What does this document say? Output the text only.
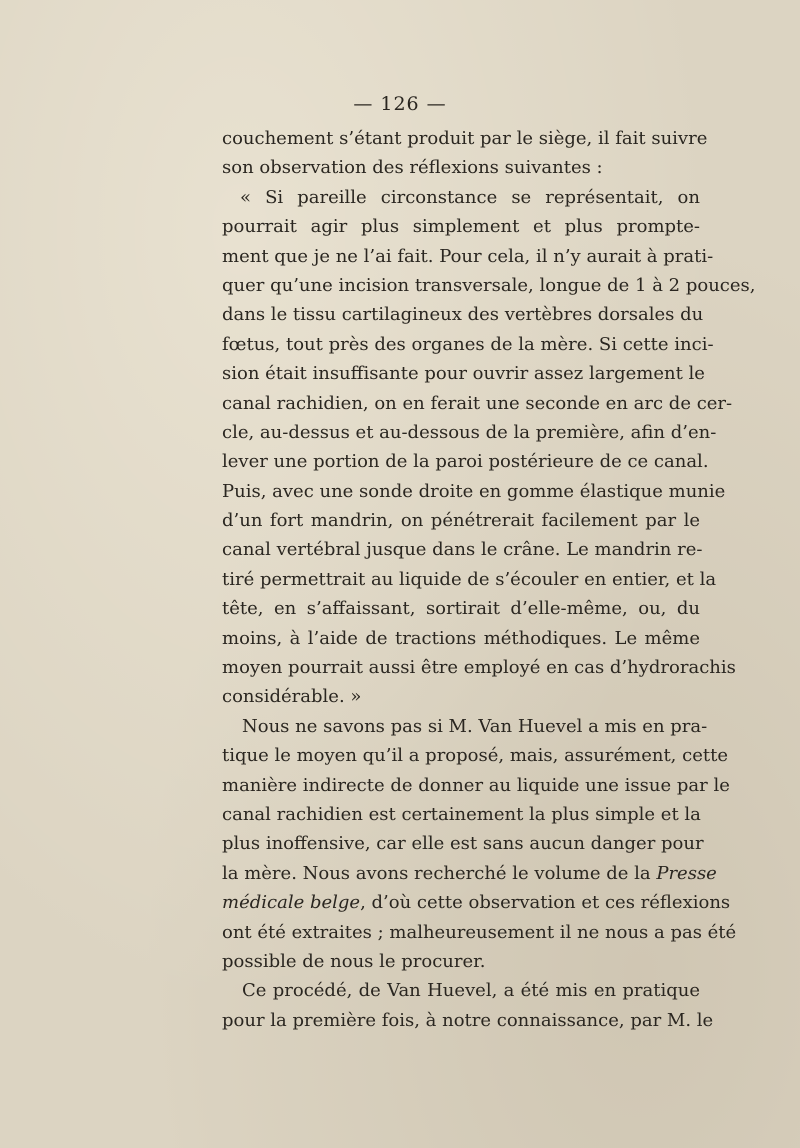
— 126 —
couchement s’étant produit par le siège, il fait suivre
son observation des réflexions suivantes :
« Si pareille circonstance se représentait, on
pourrait agir plus simplement et plus prompte-
ment que je ne l’ai fait. Pour cela, il n’y aurait à prati-
quer qu’une incision transversale, longue de 1 à 2 pouces,
dans le tissu cartilagineux des vertèbres dorsales du
fœtus, tout près des organes de la mère. Si cette inci-
sion était insuffisante pour ouvrir assez largement le
canal rachidien, on en ferait une seconde en arc de cer-
cle, au-dessus et au-dessous de la première, afin d’en-
lever une portion de la paroi postérieure de ce canal.
Puis, avec une sonde droite en gomme élastique munie
d’un fort mandrin, on pénétrerait facilement par le
canal vertébral jusque dans le crâne. Le mandrin re-
tiré permettrait au liquide de s’écouler en entier, et la
tête, en s’affaissant, sortirait d’elle-même, ou, du
moins, à l’aide de tractions méthodiques. Le même
moyen pourrait aussi être employé en cas d’hydrorachis
considérable. »
Nous ne savons pas si M. Van Huevel a mis en pra-
tique le moyen qu’il a proposé, mais, assurément, cette
manière indirecte de donner au liquide une issue par le
canal rachidien est certainement la plus simple et la
plus inoffensive, car elle est sans aucun danger pour
la mère. Nous avons recherché le volume de la Presse
médicale belge, d’où cette observation et ces réflexions
ont été extraites ; malheureusement il ne nous a pas été
possible de nous le procurer.
Ce procédé, de Van Huevel, a été mis en pratique
pour la première fois, à notre connaissance, par M. le
